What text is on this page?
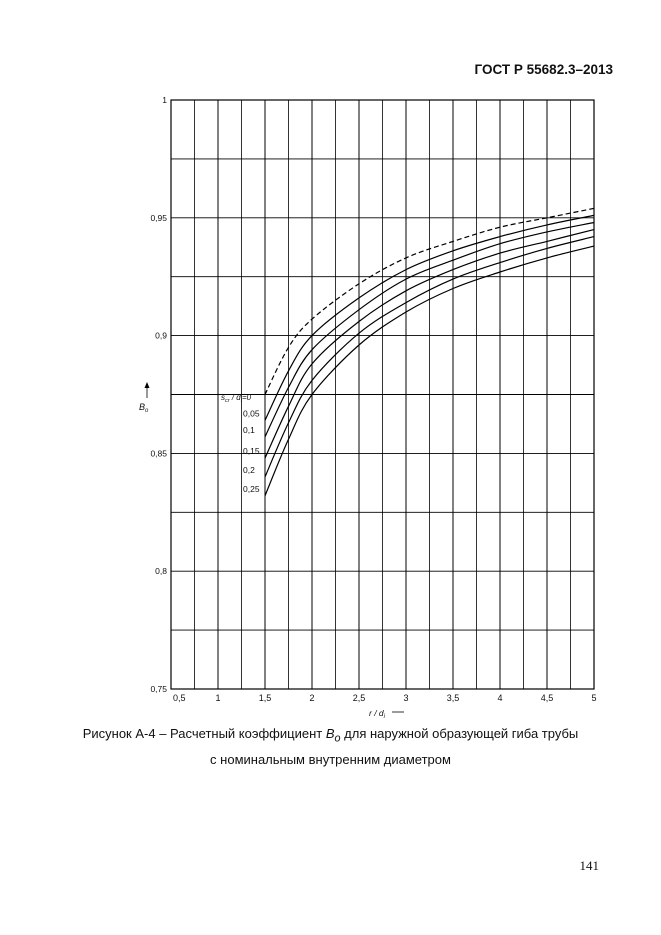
ГОСТ Р 55682.3–2013
0,5	1	1,5	2	2,5	3	3,5	4	4,5	5
0,75
0,8
0,85
0,9
0,95
1
$B_o$
r / $d_i$
$s_{cr} / d_i=0$
0,05
0,1
0,15
0,2
0,25
Рисунок А-4 – Расчетный коэффициент $B_o$ для наружной образующей гиба трубы
с номинальным внутренним диаметром
141
